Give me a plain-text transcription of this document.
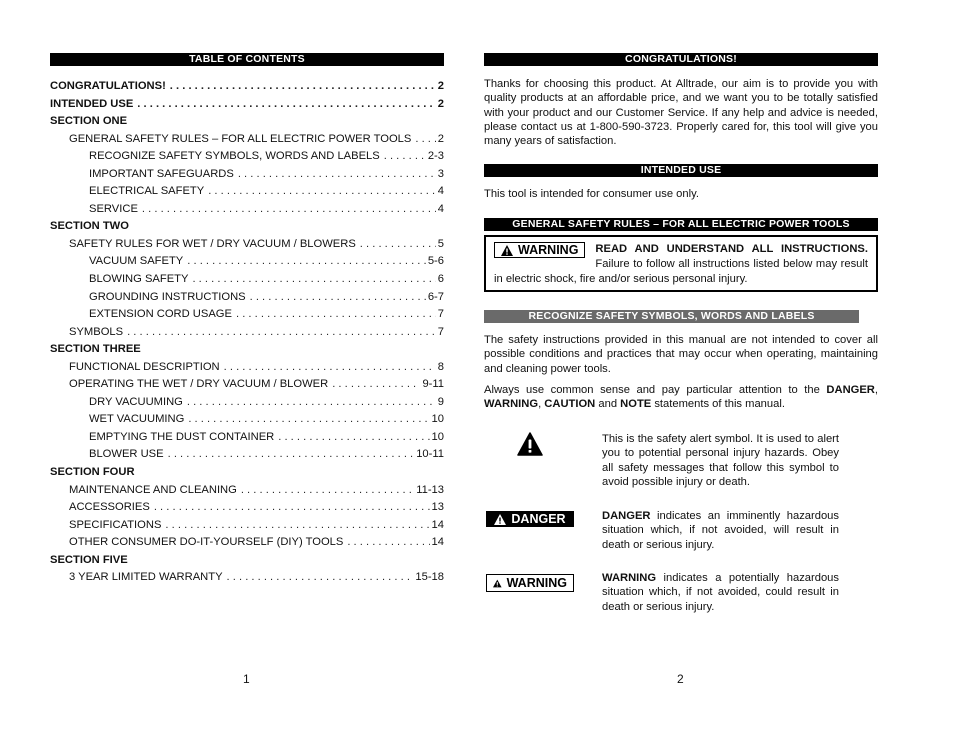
TABLE OF CONTENTS
CONGRATULATIONS! . . .	2
INTENDED USE . . .	2
SECTION ONE
GENERAL SAFETY RULES – FOR ALL ELECTRIC POWER TOOLS . . .	2
RECOGNIZE SAFETY SYMBOLS, WORDS AND LABELS . . .	2-3
IMPORTANT SAFEGUARDS . . .	3
ELECTRICAL SAFETY . . .	4
SERVICE . . .	4
SECTION TWO
SAFETY RULES FOR WET / DRY VACUUM / BLOWERS . . .	5
VACUUM SAFETY . . .	5-6
BLOWING SAFETY . . .	6
GROUNDING INSTRUCTIONS . . .	6-7
EXTENSION CORD USAGE . . .	7
SYMBOLS . . .	7
SECTION THREE
FUNCTIONAL DESCRIPTION . . .	8
OPERATING THE WET / DRY VACUUM / BLOWER . . .	9-11
DRY VACUUMING . . .	9
WET VACUUMING . . .	10
EMPTYING THE DUST CONTAINER . . .	10
BLOWER USE . . .	10-11
SECTION FOUR
MAINTENANCE AND CLEANING . . .	11-13
ACCESSORIES . . .	13
SPECIFICATIONS . . .	14
OTHER CONSUMER DO-IT-YOURSELF (DIY) TOOLS . . .	14
SECTION FIVE
3 YEAR LIMITED WARRANTY . . .	15-18
1
CONGRATULATIONS!

Thanks for choosing this product. At Alltrade, our aim is to provide you with quality products at an affordable price, and we want you to be totally satisfied with your product and our Customer Service. If any help and advice is needed, please contact us at 1-800-590-3723. Properly cared for, this tool will give you many years of satisfaction.

INTENDED USE

This tool is intended for consumer use only.

GENERAL SAFETY RULES – FOR ALL ELECTRIC POWER TOOLS
WARNING READ AND UNDERSTAND ALL INSTRUCTIONS. Failure to follow all instructions listed below may result in electric shock, fire and/or serious personal injury.
RECOGNIZE SAFETY SYMBOLS, WORDS AND LABELS

The safety instructions provided in this manual are not intended to cover all possible conditions and practices that may occur when operating, maintaining and cleaning power tools.

Always use common sense and pay particular attention to the DANGER, WARNING, CAUTION and NOTE statements of this manual.

This is the safety alert symbol. It is used to alert you to potential personal injury hazards. Obey all safety messages that follow this symbol to avoid possible injury or death.
DANGER	DANGER indicates an imminently hazardous situation which, if not avoided, will result in death or serious injury.
WARNING	WARNING indicates a potentially hazardous situation which, if not avoided, could result in death or serious injury.
2
